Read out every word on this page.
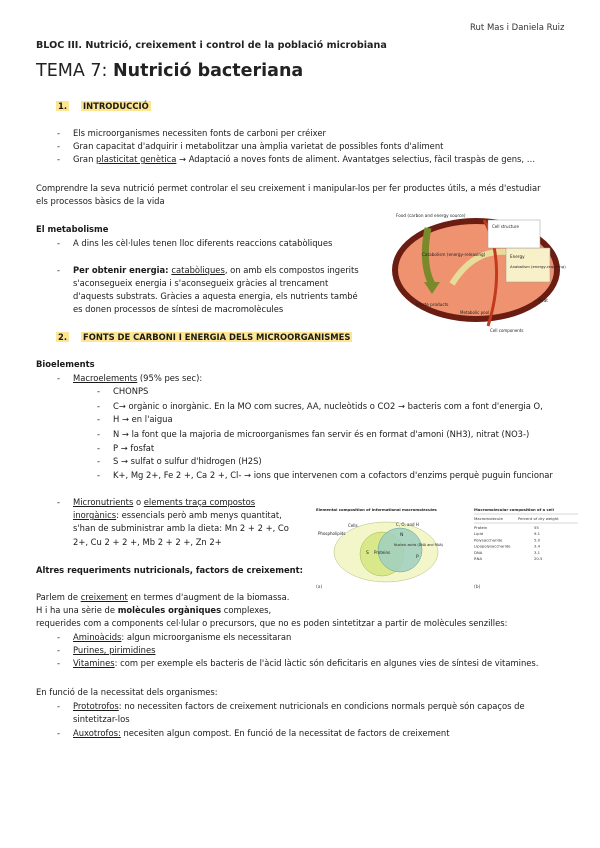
Rut Mas i Daniela Ruiz
BLOC III. Nutrició, creixement i control de la població microbiana
TEMA 7: Nutrició bacteriana
1. INTRODUCCIÓ
- Els microorganismes necessiten fonts de carboni per créixer
- Gran capacitat d'adquirir i metabolitzar una àmplia varietat de possibles fonts d'aliment
- Gran plasticitat genètica → Adaptació a noves fonts de aliment. Avantatges selectius, fàcil traspàs de gens, …
Comprendre la seva nutrició permet controlar el seu creixement i manipular-los per fer productes útils, a més d'estudiar
els processos bàsics de la vida
El metabolisme
- A dins les cèl·lules tenen lloc diferents reaccions catabòliques
- Per obtenir energia: catabòliques, on amb els compostos ingerits
s'aconsegueix energia i s'aconsegueix gràcies al trencament
d'aquests substrats. Gràcies a aquesta energia, els nutrients també
es donen processos de síntesi de macromolècules
Food (carbon and energy source)
Catabolism (energy-releasing)	Energy
Anabolism (energy-requiring)
Waste products
Cell structure
Heat
Metabolic pool
Cell components
2. FONTS DE CARBONI I ENERGIA DELS MICROORGANISMES
Bioelements
- Macroelements (95% pes sec):
- CHONPS
- C→ orgànic o inorgànic. En la MO com sucres, AA, nucleòtids o CO2 → bacteris com a font d'energia O,
- H → en l'aigua
- N → la font que la majoria de microorganismes fan servir és en format d'amoni (NH3), nitrat (NO3-)
- P → fosfat
- S → sulfat o sulfur d'hidrogen (H2S)
- K+, Mg 2+, Fe 2 +, Ca 2 +, Cl- → ions que intervenen com a cofactors d'enzims perquè puguin funcionar
- Micronutrients o elements traça compostos
inorgànics: essencials però amb menys quantitat,
s'han de subministrar amb la dieta: Mn 2 + 2 +, Co
2+, Cu 2 + 2 +, Mb 2 + 2 +, Zn 2+
Elemental composition of informational macromolecules
Cells	C, O, and H
Phospholipids	N
S Proteins
Nucleic acids (DNA and RNA)
P
(a)
Macromolecular composition of a cell
Macromolecule	Percent of dry weight
Protein	55
Lipid	9.1
Polysaccharide	5.0
Lipopolysaccharide	3.4
DNA	3.1
RNA	20.5
(b)
Altres requeriments nutricionals, factors de creixement:
Parlem de creixement en termes d'augment de la biomassa.
H i ha una sèrie de molècules orgàniques complexes,
requerides com a components cel·lular o precursors, que no es poden sintetitzar a partir de molècules senzilles:
- Aminoàcids: algun microorganisme els necessitaran
- Purines, pirimidines
- Vitamines: com per exemple els bacteris de l'àcid làctic són deficitaris en algunes vies de síntesi de vitamines.
En funció de la necessitat dels organismes:
- Prototrofos: no necessiten factors de creixement nutricionals en condicions normals perquè són capaços de
sintetitzar-los
- Auxotrofos: necesiten algun compost. En funció de la necessitat de factors de creixement
